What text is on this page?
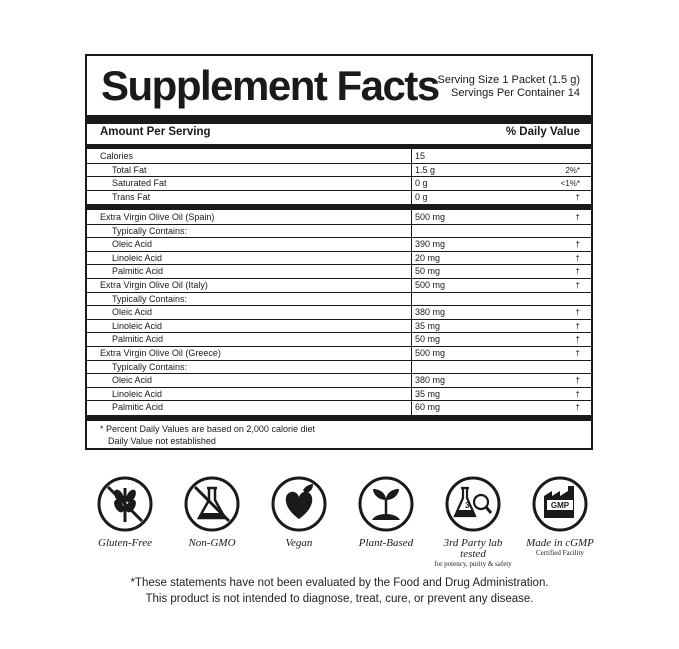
Supplement Facts
Serving Size 1 Packet (1.5 g)
Servings Per Container 14
Amount Per Serving	% Daily Value
Calories	15
Total Fat	1.5 g	2%*
Saturated Fat	0 g	<1%*
Trans Fat	0 g	†
Extra Virgin Olive Oil (Spain)	500 mg	†
Typically Contains:
Oleic Acid	390 mg	†
Linoleic Acid	20 mg	†
Palmitic Acid	50 mg	†
Extra Virgin Olive Oil (Italy)	500 mg	†
Typically Contains:
Oleic Acid	380 mg	†
Linoleic Acid	35 mg	†
Palmitic Acid	50 mg	†
Extra Virgin Olive Oil (Greece)	500 mg	†
Typically Contains:
Oleic Acid	380 mg	†
Linoleic Acid	35 mg	†
Palmitic Acid	60 mg	†
* Percent Daily Values are based on 2,000 calorie diet
Daily Value not established
Gluten-Free	Non-GMO	Vegan	Plant-Based
3
3rd Party lab tested
for potency, purity & safety
GMP
Made in cGMP
Certified Facility
*These statements have not been evaluated by the Food and Drug Administration.
This product is not intended to diagnose, treat, cure, or prevent any disease.
